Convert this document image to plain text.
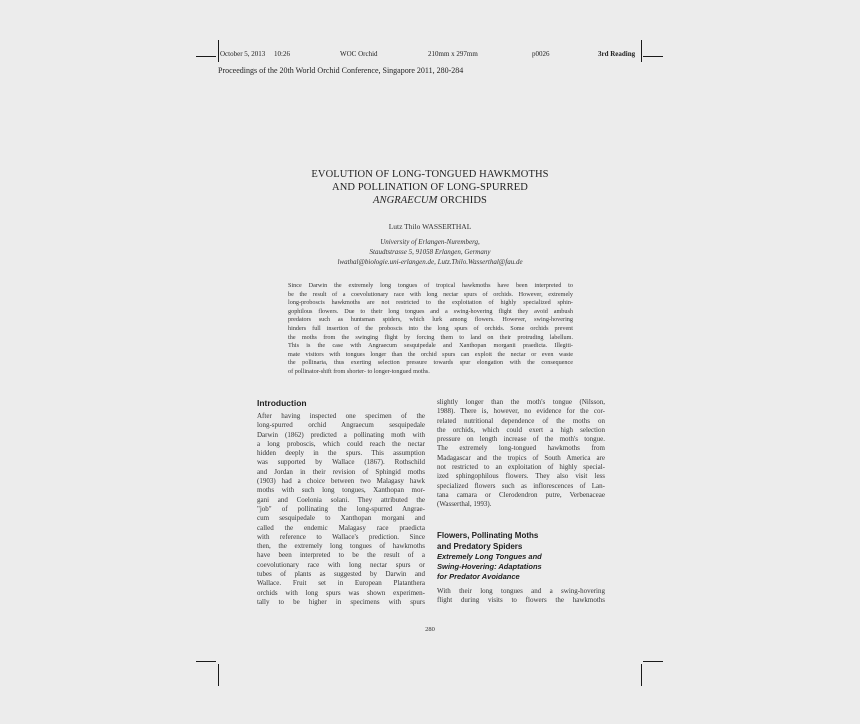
October 5, 2013 10:26	WOC Orchid	210mm x 297mm	p0026	3rd Reading
Proceedings of the 20th World Orchid Conference, Singapore 2011, 280-284
EVOLUTION OF LONG-TONGUED HAWKMOTHS
AND POLLINATION OF LONG-SPURRED
ANGRAECUM ORCHIDS
Lutz Thilo WASSERTHAL
University of Erlangen-Nuremberg,
Staudtstrasse 5, 91058 Erlangen, Germany
lwathal@biologie.uni-erlangen.de, Lutz.Thilo.Wasserthal@fau.de
Since Darwin the extremely long tongues of tropical hawkmoths have been interpreted to
be the result of a coevolutionary race with long nectar spurs of orchids. However, extremely
long-proboscis hawkmoths are not restricted to the exploitation of highly specialized sphin-
gophilous flowers. Due to their long tongues and a swing-hovering flight they avoid ambush
predators such as huntsman spiders, which lurk among flowers. However, swing-hovering
hinders full insertion of the proboscis into the long spurs of orchids. Some orchids prevent
the moths from the swinging flight by forcing them to land on their protruding labellum.
This is the case with Angraecum sesquipedale and Xanthopan morganii praedicta. Illegiti-
mate visitors with tongues longer than the orchid spurs can exploit the nectar or even waste
the pollinaria, thus exerting selection pressure towards spur elongation with the consequence
of pollinator-shift from shorter- to longer-tongued moths.
Introduction
After having inspected one specimen of the
long-spurred orchid Angraecum sesquipedale
Darwin (1862) predicted a pollinating moth with
a long proboscis, which could reach the nectar
hidden deeply in the spurs. This assumption
was supported by Wallace (1867). Rothschild
and Jordan in their revision of Sphingid moths
(1903) had a choice between two Malagasy hawk
moths with such long tongues, Xanthopan mor-
gani and Coelonia solani. They attributed the
"job" of pollinating the long-spurred Angrae-
cum sesquipedale to Xanthopan morgani and
called the endemic Malagasy race praedicta
with reference to Wallace's prediction. Since
then, the extremely long tongues of hawkmoths
have been interpreted to be the result of a
coevolutionary race with long nectar spurs or
tubes of plants as suggested by Darwin and
Wallace. Fruit set in European Platanthera
orchids with long spurs was shown experimen-
tally to be higher in specimens with spurs
slightly longer than the moth's tongue (Nilsson,
1988). There is, however, no evidence for the cor-
related nutritional dependence of the moths on
the orchids, which could exert a high selection
pressure on length increase of the moth's tongue.
The extremely long-tongued hawkmoths from
Madagascar and the tropics of South America are
not restricted to an exploitation of highly special-
ized sphingophilous flowers. They also visit less
specialized flowers such as inflorescences of Lan-
tana camara or Clerodendron putre, Verbenaceae
(Wasserthal, 1993).
Flowers, Pollinating Moths
and Predatory Spiders
Extremely Long Tongues and
Swing-Hovering: Adaptations
for Predator Avoidance
With their long tongues and a swing-hovering
flight during visits to flowers the hawkmoths
280
